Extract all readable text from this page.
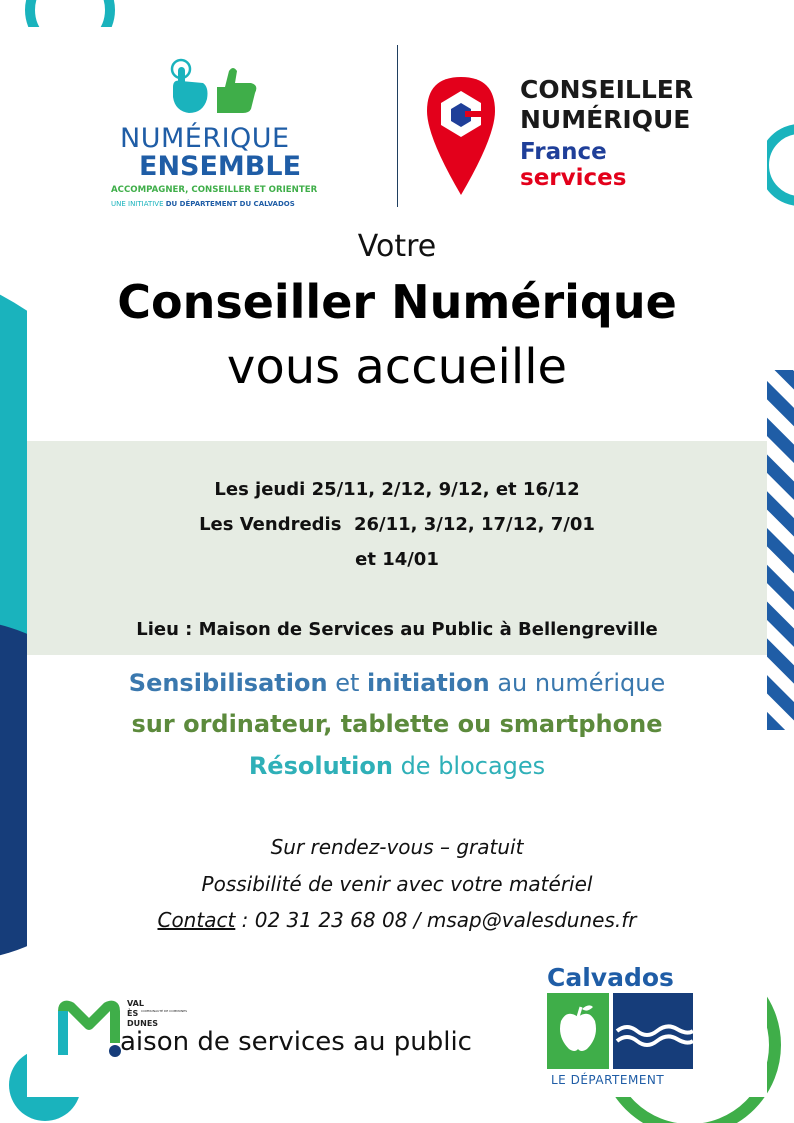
NUMÉRIQUE
ENSEMBLE
ACCOMPAGNER, CONSEILLER ET ORIENTER
UNE INITIATIVE DU DÉPARTEMENT DU CALVADOS
CONSEILLER
NUMÉRIQUE
France
services
Votre
Conseiller Numérique
vous accueille
Les jeudi 25/11, 2/12, 9/12, et 16/12
Les Vendredis  26/11, 3/12, 17/12, 7/01
et 14/01
Lieu : Maison de Services au Public à Bellengreville
Sensibilisation et initiation au numérique
sur ordinateur, tablette ou smartphone
Résolution de blocages
Sur rendez-vous – gratuit
Possibilité de venir avec votre matériel
Contact : 02 31 23 68 08 / msap@valesdunes.fr
VAL
ÈS
DUNES
COMMUNAUTÉ DE COMMUNES
aison de services au public
Calvados
LE DÉPARTEMENT
